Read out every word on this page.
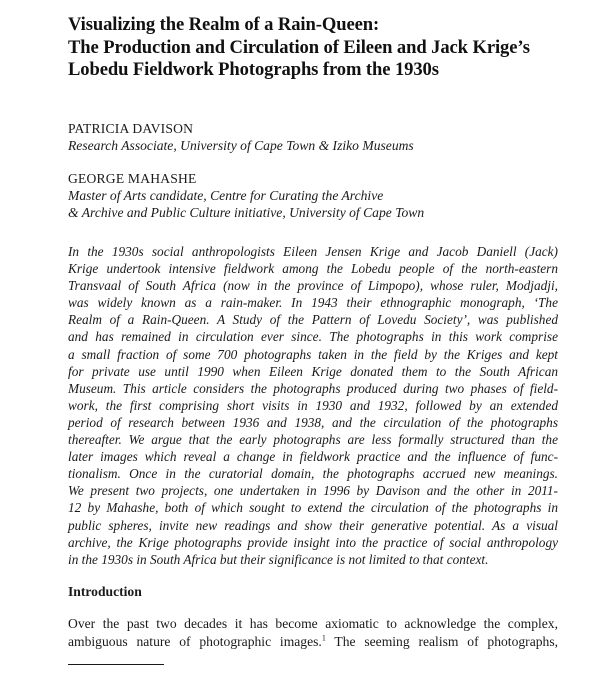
Visualizing the Realm of a Rain-Queen:
The Production and Circulation of Eileen and Jack Krige’s
Lobedu Fieldwork Photographs from the 1930s
PATRICIA DAVISON
Research Associate, University of Cape Town & Iziko Museums
GEORGE MAHASHE
Master of Arts candidate, Centre for Curating the Archive
& Archive and Public Culture initiative, University of Cape Town
In the 1930s social anthropologists Eileen Jensen Krige and Jacob Daniell (Jack)
Krige undertook intensive fieldwork among the Lobedu people of the north-eastern
Transvaal of South Africa (now in the province of Limpopo), whose ruler, Modjadji,
was widely known as a rain-maker. In 1943 their ethnographic monograph, ‘The
Realm of a Rain-Queen. A Study of the Pattern of Lovedu Society’, was published
and has remained in circulation ever since. The photographs in this work comprise
a small fraction of some 700 photographs taken in the field by the Kriges and kept
for private use until 1990 when Eileen Krige donated them to the South African
Museum. This article considers the photographs produced during two phases of field-
work, the first comprising short visits in 1930 and 1932, followed by an extended
period of research between 1936 and 1938, and the circulation of the photographs
thereafter. We argue that the early photographs are less formally structured than the
later images which reveal a change in fieldwork practice and the influence of func-
tionalism. Once in the curatorial domain, the photographs accrued new meanings.
We present two projects, one undertaken in 1996 by Davison and the other in 2011-
12 by Mahashe, both of which sought to extend the circulation of the photographs in
public spheres, invite new readings and show their generative potential. As a visual
archive, the Krige photographs provide insight into the practice of social anthropology
in the 1930s in South Africa but their significance is not limited to that context.
Introduction
Over the past two decades it has become axiomatic to acknowledge the complex,
ambiguous nature of photographic images.$^1$ The seeming realism of photographs,
